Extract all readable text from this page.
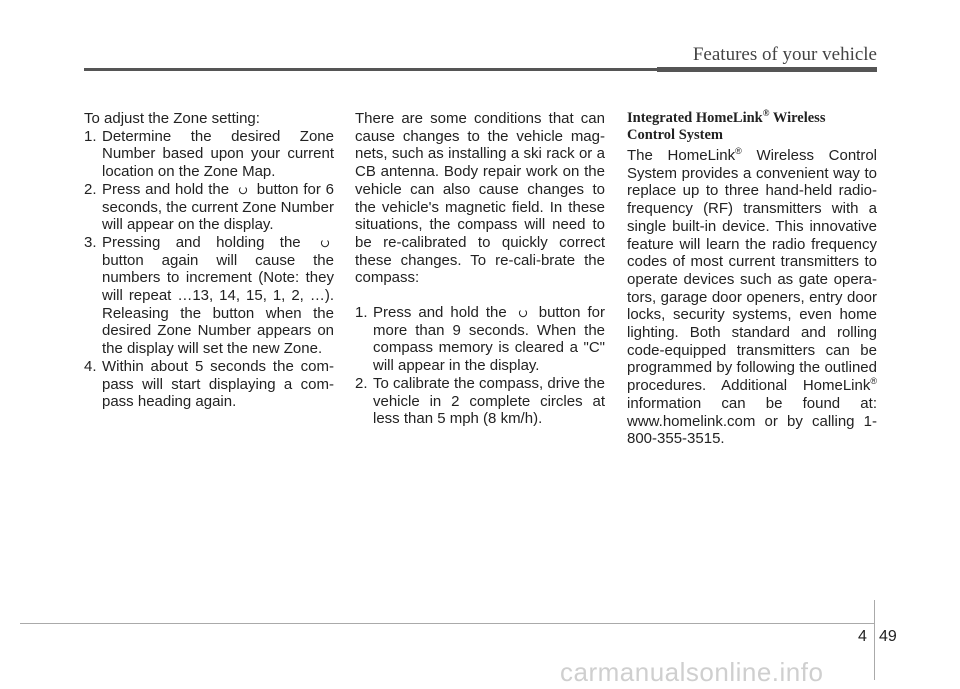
Features of your vehicle

To adjust the Zone setting:

1. Determine the desired Zone Number based upon your current location on the Zone Map.

2. Press and hold the button for 6 seconds, the current Zone Number will appear on the display.

3. Pressing and holding the  button again will cause the numbers to increment (Note: they will repeat …13, 14, 15, 1, 2, …). Releasing the button when the desired Zone Number appears on the display will set the new Zone.

4. Within about 5 seconds the com-pass will start displaying a com-pass heading again.

There are some conditions that can cause changes to the vehicle mag-nets, such as installing a ski rack or a CB antenna. Body repair work on the vehicle can also cause changes to the vehicle's magnetic field. In these situations, the compass will need to be re-calibrated to quickly correct these changes. To re-cali-brate the compass:

1. Press and hold the button for more than 9 seconds. When the compass memory is cleared a "C" will appear in the display.

2. To calibrate the compass, drive the vehicle in 2 complete circles at less than 5 mph (8 km/h).

Integrated HomeLink® Wireless Control System

The HomeLink® Wireless Control System provides a convenient way to replace up to three hand-held radio-frequency (RF) transmitters with a single built-in device. This innovative feature will learn the radio frequency codes of most current transmitters to operate devices such as gate opera-tors, garage door openers, entry door locks, security systems, even home lighting. Both standard and rolling code-equipped transmitters can be programmed by following the outlined procedures. Additional HomeLink® information can be found at: www.homelink.com or by calling 1-800-355-3515.

4 49
carmanualsonline.info
